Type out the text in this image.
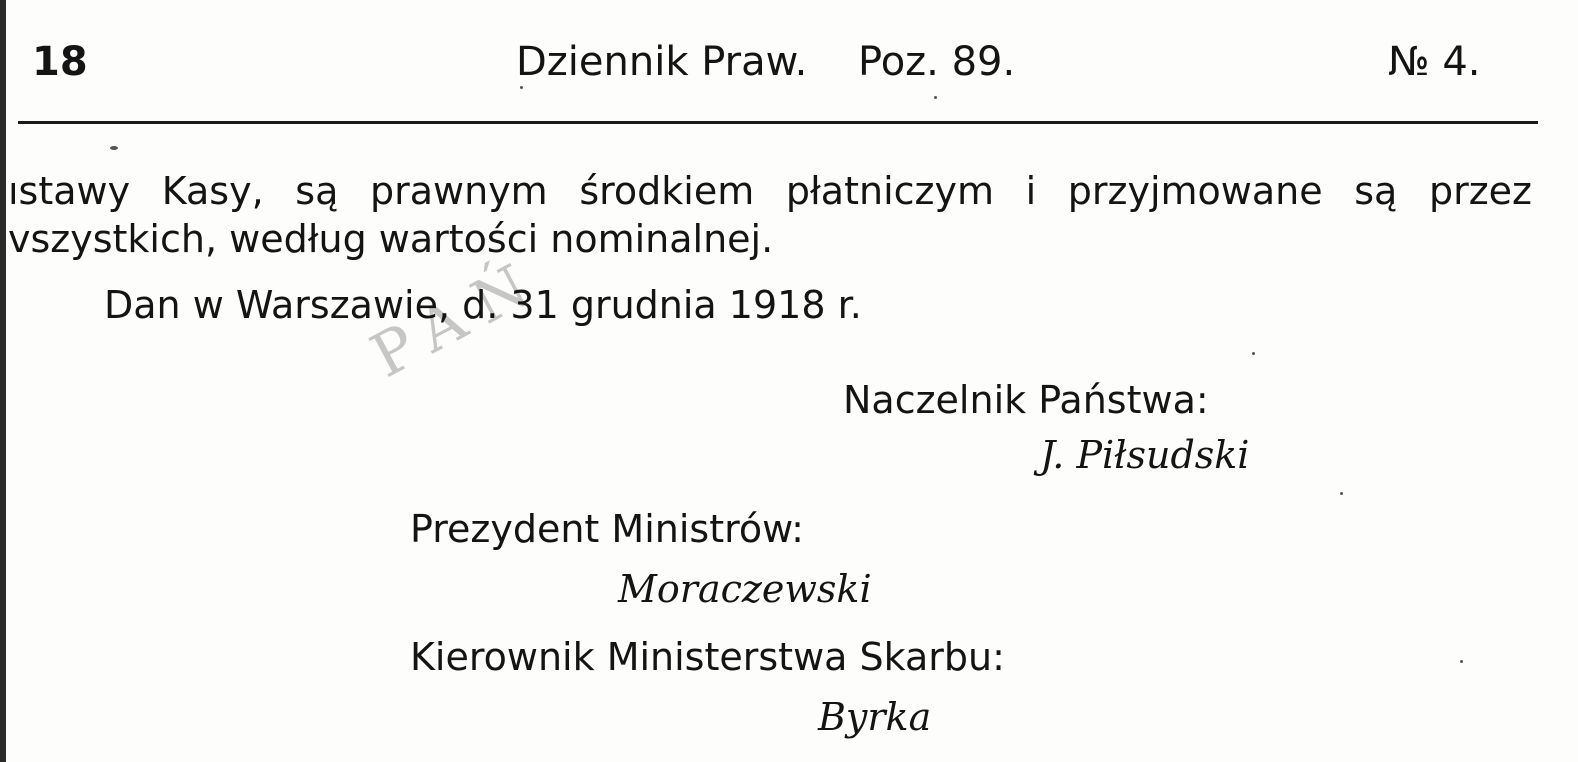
PAŃ
18	Dziennik Praw. Poz. 89.	№ 4.
ıstawy Kasy, są prawnym środkiem płatniczym i przyjmowane są przez
vszystkich, według wartości nominalnej.
Dan w Warszawie, d. 31 grudnia 1918 r.
Naczelnik Państwa:
J. Piłsudski
Prezydent Ministrów:
Moraczewski
Kierownik Ministerstwa Skarbu:
Byrka
